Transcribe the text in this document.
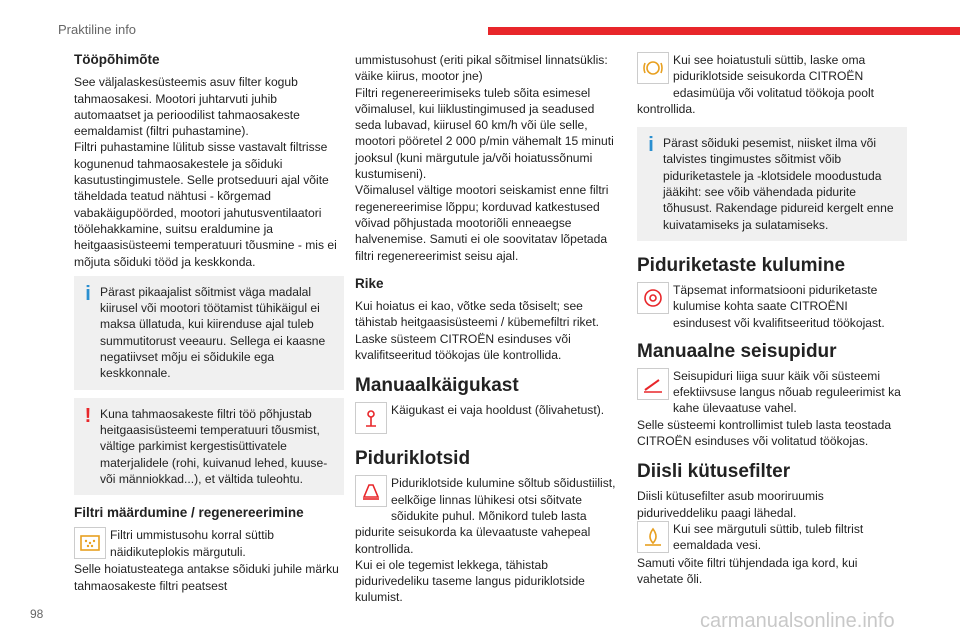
Praktiline info
Tööpõhimõte

See väljalaskesüsteemis asuv filter kogub tahmaosakesi. Mootori juhtarvuti juhib automaatset ja perioodilist tahmaosakeste eemaldamist (filtri puhastamine).

Filtri puhastamine lülitub sisse vastavalt filtrisse kogunenud tahmaosakestele ja sõiduki kasutustingimustele. Selle protseduuri ajal võite täheldada teatud nähtusi - kõrgemad vabakäigupöörded, mootori jahutusventilaatori töölehakkamine, suitsu eraldumine ja heitgaasisüsteemi temperatuuri tõusmine - mis ei mõjuta sõiduki tööd ja keskkonda.

i Pärast pikaajalist sõitmist väga madalal kiirusel või mootori töötamist tühikäigul ei maksa üllatuda, kui kiirenduse ajal tuleb summutitorust veeauru. Sellega ei kaasne negatiivset mõju ei sõidukile ega keskkonnale.
! Kuna tahmaosakeste filtri töö põhjustab heitgaasisüsteemi temperatuuri tõusmist, vältige parkimist kergestisüttivatele materjalidele (rohi, kuivanud lehed, kuuse- või männiokkad...), et vältida tuleohtu.
Filtri määrdumine / regenereerimine
Filtri ummistusohu korral süttib näidikuteplokis märgutuli.

Selle hoiatusteatega antakse sõiduki juhile märku tahmaosakeste filtri peatsest

ummistusohust (eriti pikal sõitmisel linnatsüklis: väike kiirus, mootor jne)

Filtri regenereerimiseks tuleb sõita esimesel võimalusel, kui liiklustingimused ja seadused seda lubavad, kiirusel 60 km/h või üle selle, mootori pööretel 2 000 p/min vähemalt 15 minuti jooksul (kuni märgutule ja/või hoiatussõnumi kustumiseni).

Võimalusel vältige mootori seiskamist enne filtri regenereerimise lõppu; korduvad katkestused võivad põhjustada mootoriõli enneaegse halvenemise. Samuti ei ole soovitatav lõpetada filtri regenereerimist seisu ajal.

Rike

Kui hoiatus ei kao, võtke seda tõsiselt; see tähistab heitgaasisüsteemi / kübemefiltri riket. Laske süsteem CITROËN esinduses või kvalifitseeritud töökojas üle kontrollida.

Manuaalkäigukast
Käigukast ei vaja hooldust (õlivahetust).
Piduriklotsid
Piduriklotside kulumine sõltub sõidustiilist, eelkõige linnas lühikesi otsi sõitvate sõidukite puhul. Mõnikord tuleb lasta pidurite seisukorda ka ülevaatuste vahepeal kontrollida.

Kui ei ole tegemist lekkega, tähistab pidurivedeliku taseme langus piduriklotside kulumist.

Kui see hoiatustuli süttib, laske oma piduriklotside seisukorda CITROËN edasimüüja või volitatud töökoja poolt kontrollida.
i Pärast sõiduki pesemist, niisket ilma või talvistes tingimustes sõitmist võib piduriketastele ja -klotsidele moodustuda jääkiht: see võib vähendada pidurite tõhusust. Rakendage pidureid kergelt enne kuivatamiseks ja sulatamiseks.
Piduriketaste kulumine
Täpsemat informatsiooni piduriketaste kulumise kohta saate CITROËNI esindusest või kvalifitseeritud töökojast.
Manuaalne seisupidur
Seisupiduri liiga suur käik või süsteemi efektiivsuse langus nõuab reguleerimist ka kahe ülevaatuse vahel.

Selle süsteemi kontrollimist tuleb lasta teostada CITROËN esinduses või volitatud töökojas.

Diisli kütusefilter

Diisli kütusefilter asub mooriruumis piduriveddeliku paagi lähedal.

Kui see märgutuli süttib, tuleb filtrist eemaldada vesi.

Samuti võite filtri tühjendada iga kord, kui vahetate õli.

98	carmanualsonline.info
